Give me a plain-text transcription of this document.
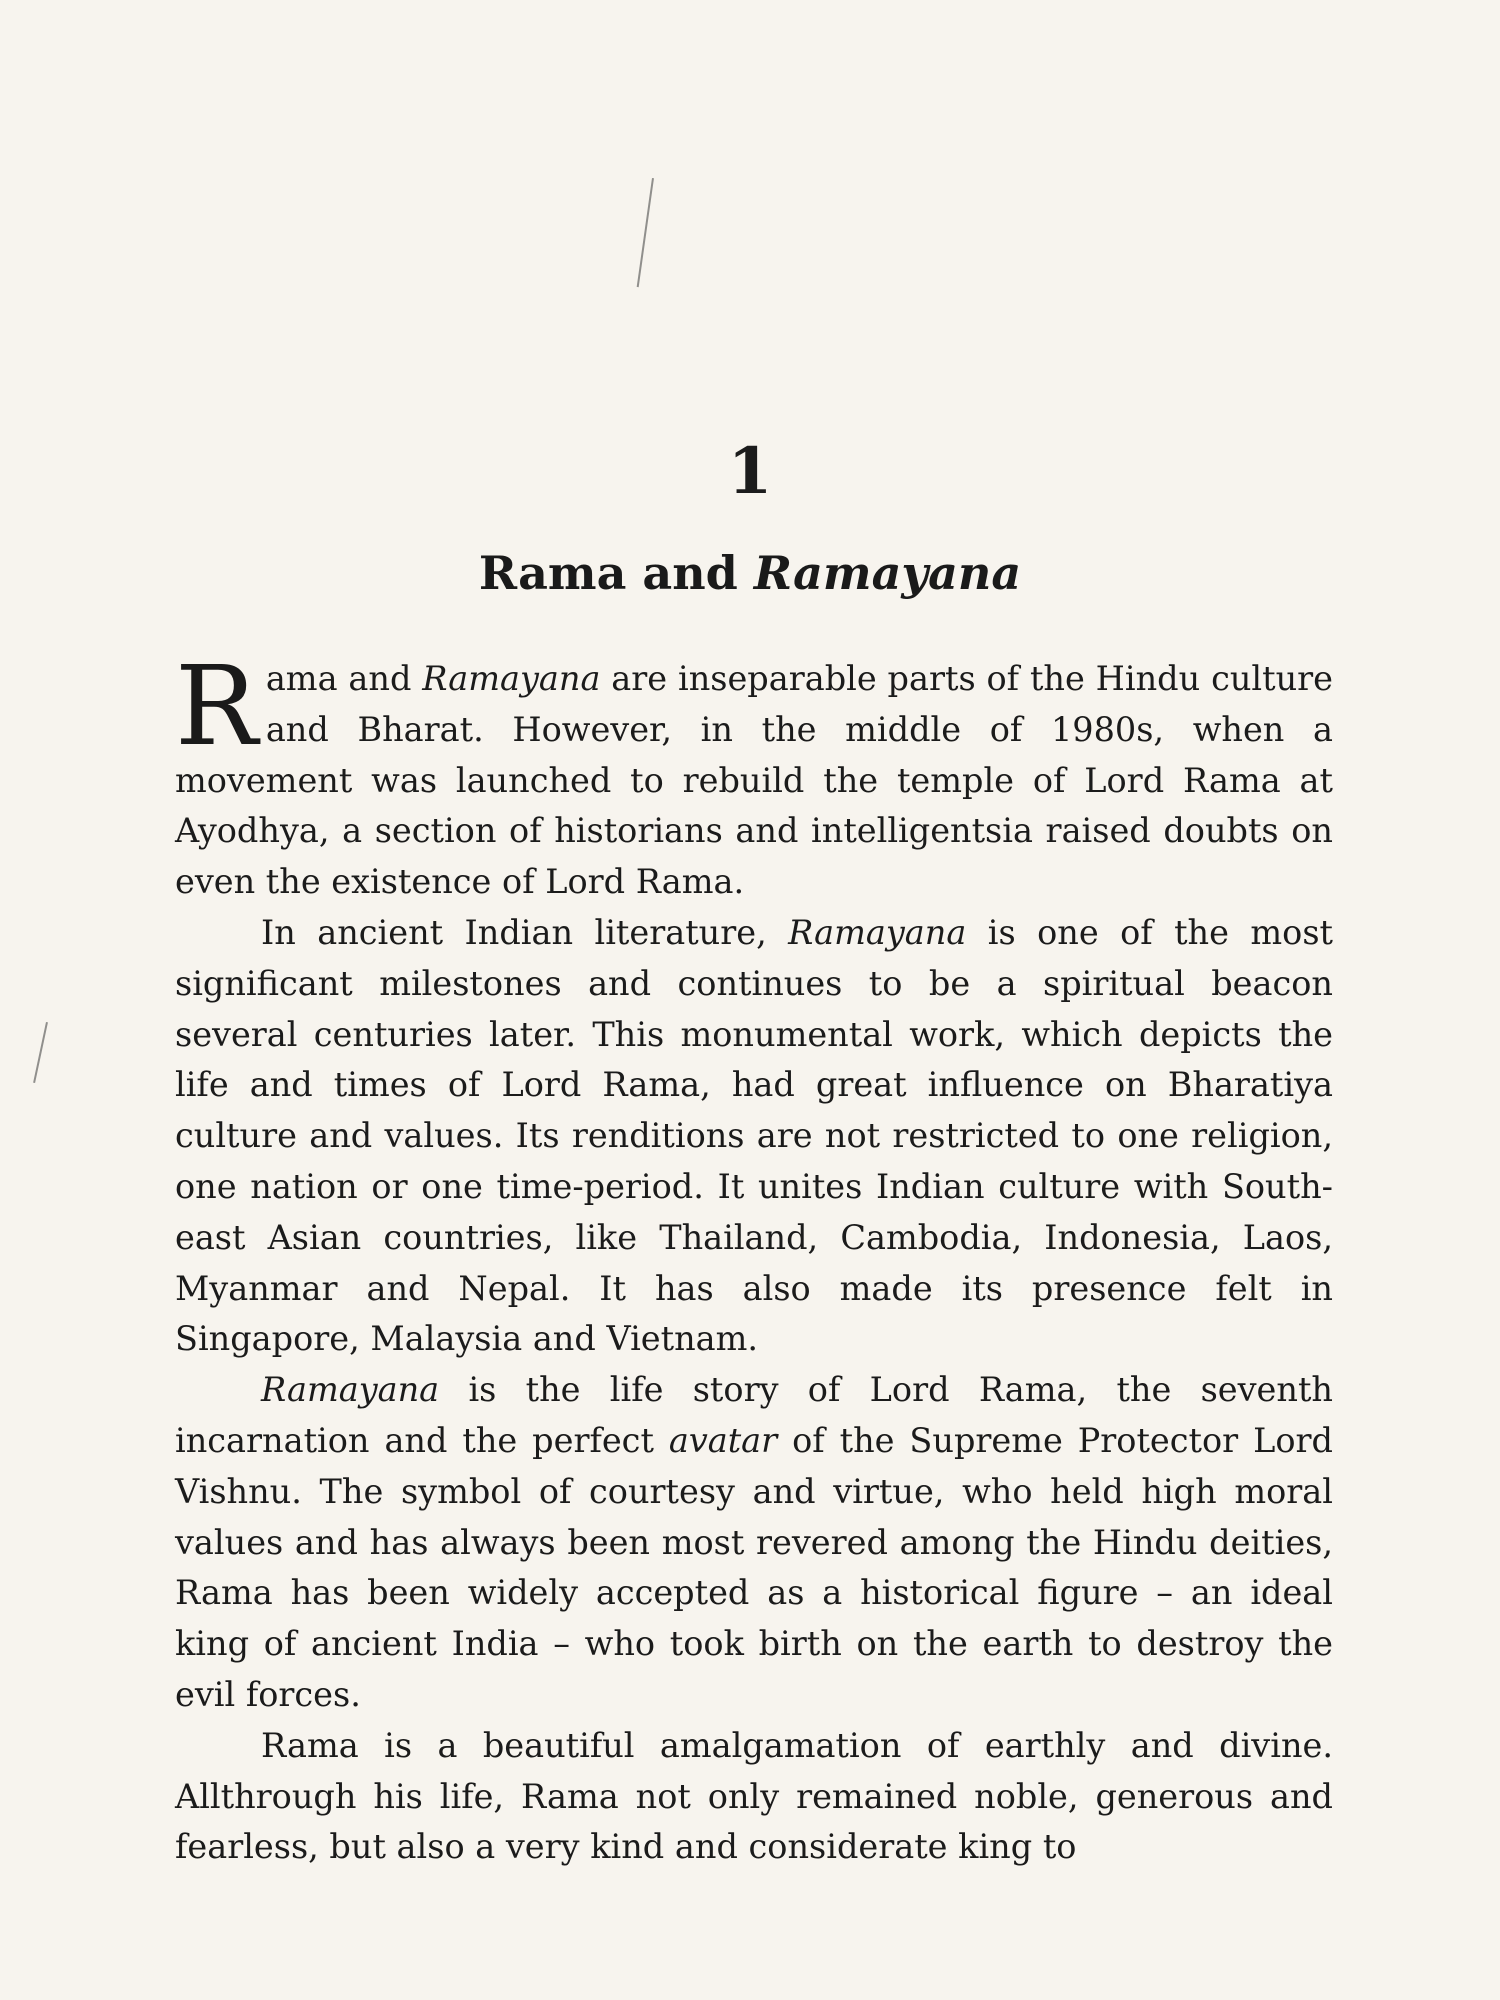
1
Rama and Ramayana

Rama and Ramayana are inseparable parts of the Hindu culture and Bharat. However, in the middle of 1980s, when a movement was launched to rebuild the temple of Lord Rama at Ayodhya, a section of historians and intelligentsia raised doubts on even the existence of Lord Rama.

In ancient Indian literature, Ramayana is one of the most significant milestones and continues to be a spiritual beacon several centuries later. This monumental work, which depicts the life and times of Lord Rama, had great influence on Bharatiya culture and values. Its renditions are not restricted to one religion, one nation or one time-period. It unites Indian culture with South-east Asian countries, like Thailand, Cambodia, Indonesia, Laos, Myanmar and Nepal. It has also made its presence felt in Singapore, Malaysia and Vietnam.

Ramayana is the life story of Lord Rama, the seventh incarnation and the perfect avatar of the Supreme Protector Lord Vishnu. The symbol of courtesy and virtue, who held high moral values and has always been most revered among the Hindu deities, Rama has been widely accepted as a historical figure – an ideal king of ancient India – who took birth on the earth to destroy the evil forces.

Rama is a beautiful amalgamation of earthly and divine. Allthrough his life, Rama not only remained noble, generous and fearless, but also a very kind and considerate king to
